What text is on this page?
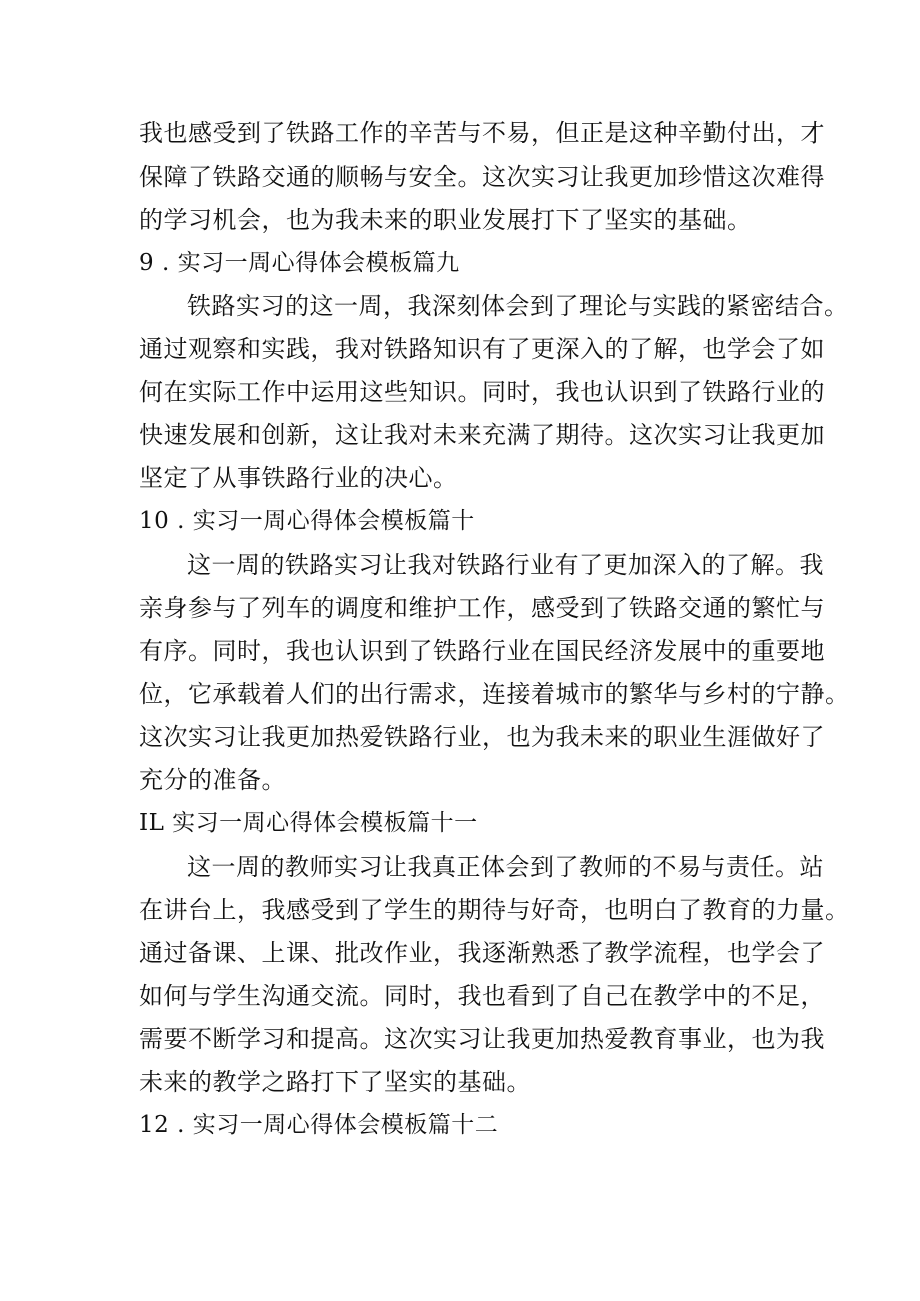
我也感受到了铁路工作的辛苦与不易，但正是这种辛勤付出，才
保障了铁路交通的顺畅与安全。这次实习让我更加珍惜这次难得
的学习机会，也为我未来的职业发展打下了坚实的基础。
9 . 实习一周心得体会模板篇九
铁路实习的这一周，我深刻体会到了理论与实践的紧密结合。
通过观察和实践，我对铁路知识有了更深入的了解，也学会了如
何在实际工作中运用这些知识。同时，我也认识到了铁路行业的
快速发展和创新，这让我对未来充满了期待。这次实习让我更加
坚定了从事铁路行业的决心。
10 . 实习一周心得体会模板篇十
这一周的铁路实习让我对铁路行业有了更加深入的了解。我
亲身参与了列车的调度和维护工作，感受到了铁路交通的繁忙与
有序。同时，我也认识到了铁路行业在国民经济发展中的重要地
位，它承载着人们的出行需求，连接着城市的繁华与乡村的宁静。
这次实习让我更加热爱铁路行业，也为我未来的职业生涯做好了
充分的准备。
IL 实习一周心得体会模板篇十一
这一周的教师实习让我真正体会到了教师的不易与责任。站
在讲台上，我感受到了学生的期待与好奇，也明白了教育的力量。
通过备课、上课、批改作业，我逐渐熟悉了教学流程，也学会了
如何与学生沟通交流。同时，我也看到了自己在教学中的不足，
需要不断学习和提高。这次实习让我更加热爱教育事业，也为我
未来的教学之路打下了坚实的基础。
12 . 实习一周心得体会模板篇十二
